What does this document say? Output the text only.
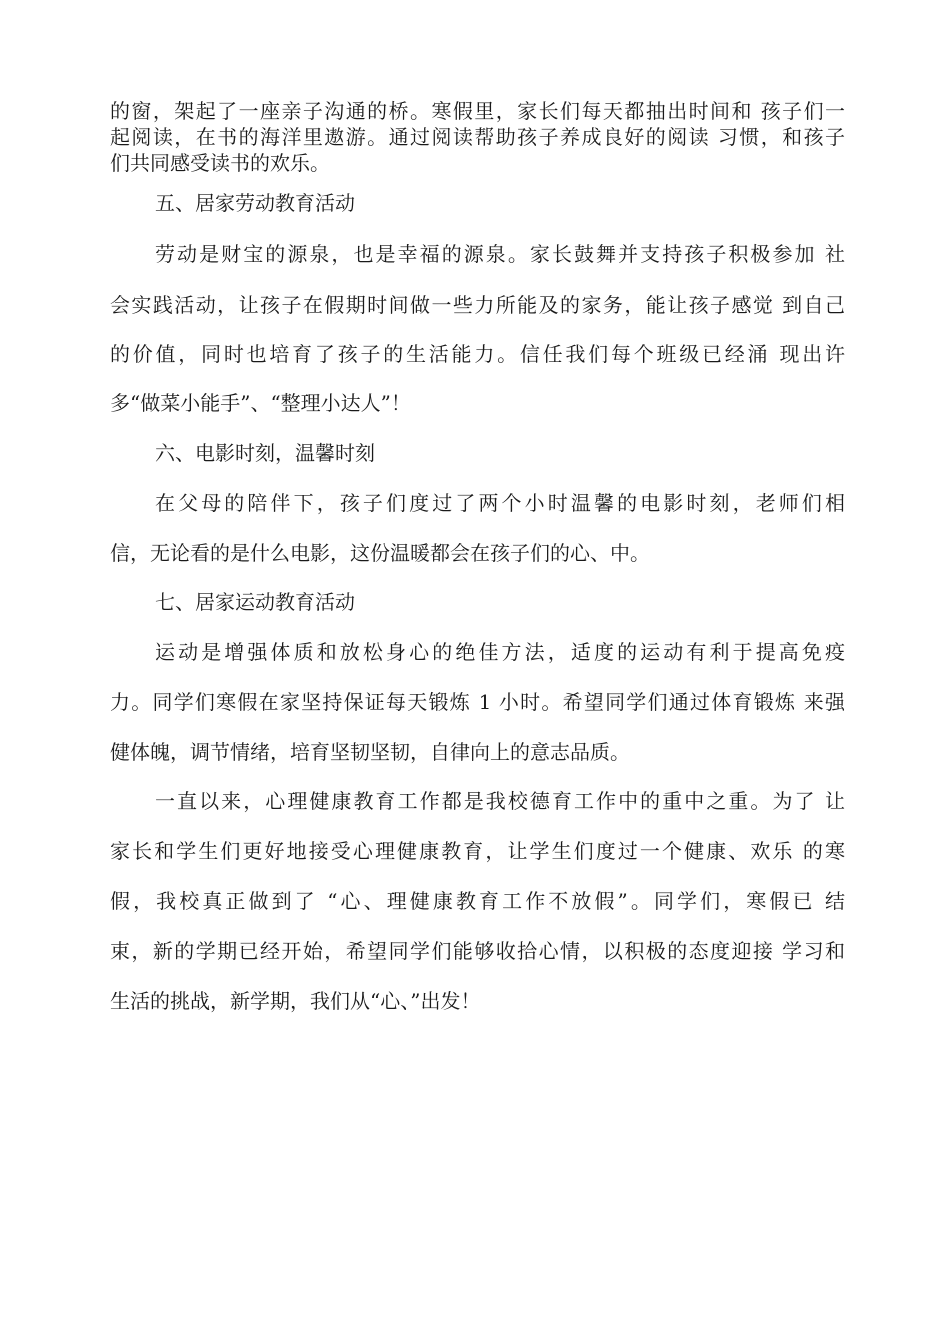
的窗，架起了一座亲子沟通的桥。寒假里，家长们每天都抽出时间和 孩子们一
起阅读，在书的海洋里遨游。通过阅读帮助孩子养成良好的阅读 习惯，和孩子
们共同感受读书的欢乐。
五、居家劳动教育活动
劳动是财宝的源泉，也是幸福的源泉。家长鼓舞并支持孩子积极参加 社
会实践活动，让孩子在假期时间做一些力所能及的家务，能让孩子感觉 到自己
的价值，同时也培育了孩子的生活能力。信任我们每个班级已经涌 现出许
多“做菜小能手”、“整理小达人”！
六、电影时刻，温馨时刻
在父母的陪伴下，孩子们度过了两个小时温馨的电影时刻，老师们相
信，无论看的是什么电影，这份温暖都会在孩子们的心、中。
七、居家运动教育活动
运动是增强体质和放松身心的绝佳方法，适度的运动有利于提高免疫
力。同学们寒假在家坚持保证每天锻炼 1 小时。希望同学们通过体育锻炼 来强
健体魄，调节情绪，培育坚韧坚韧，自律向上的意志品质。
一直以来，心理健康教育工作都是我校德育工作中的重中之重。为了 让
家长和学生们更好地接受心理健康教育，让学生们度过一个健康、欢乐 的寒
假，我校真正做到了 “心、理健康教育工作不放假”。同学们，寒假已 结
束，新的学期已经开始，希望同学们能够收拾心情，以积极的态度迎接 学习和
生活的挑战，新学期，我们从“心、”出发！
